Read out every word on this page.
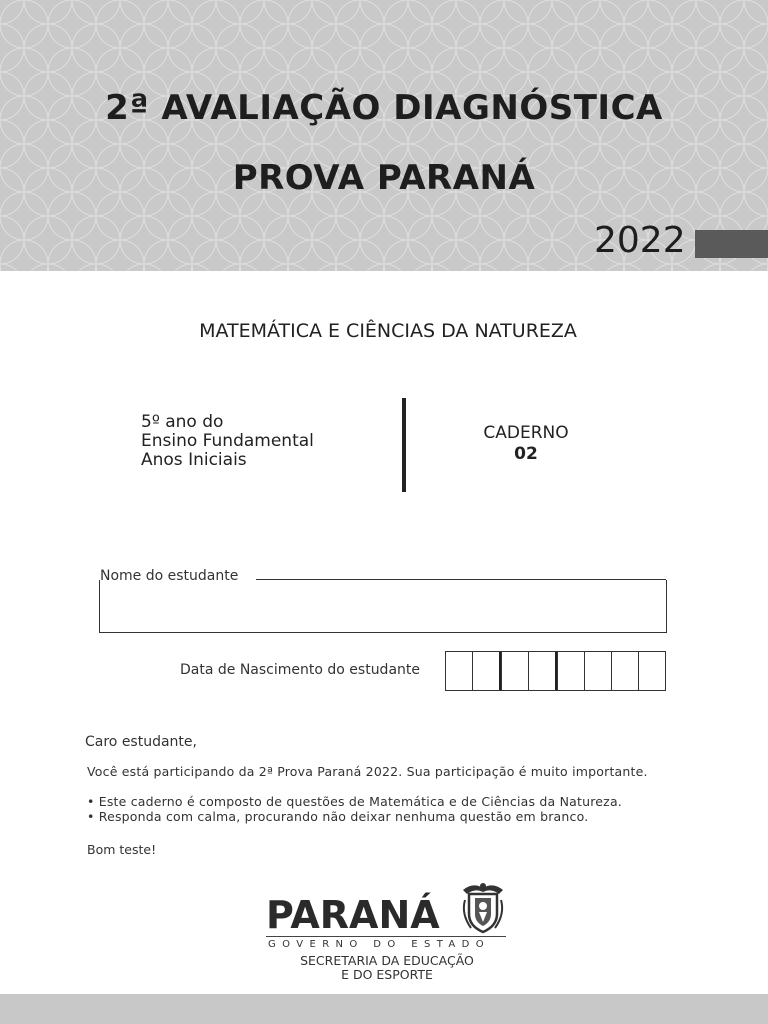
2ª AVALIAÇÃO DIAGNÓSTICA
PROVA PARANÁ
2022
MATEMÁTICA E CIÊNCIAS DA NATUREZA
5º ano do
Ensino Fundamental
Anos Iniciais
CADERNO
02
Nome do estudante
Data de Nascimento do estudante
Caro estudante,
Você está participando da 2ª Prova Paraná 2022. Sua participação é muito importante.
• Este caderno é composto de questões de Matemática e de Ciências da Natureza.
• Responda com calma, procurando não deixar nenhuma questão em branco.
Bom teste!
PARANÁ
GOVERNO DO ESTADO
SECRETARIA DA EDUCAÇÃO
E DO ESPORTE
